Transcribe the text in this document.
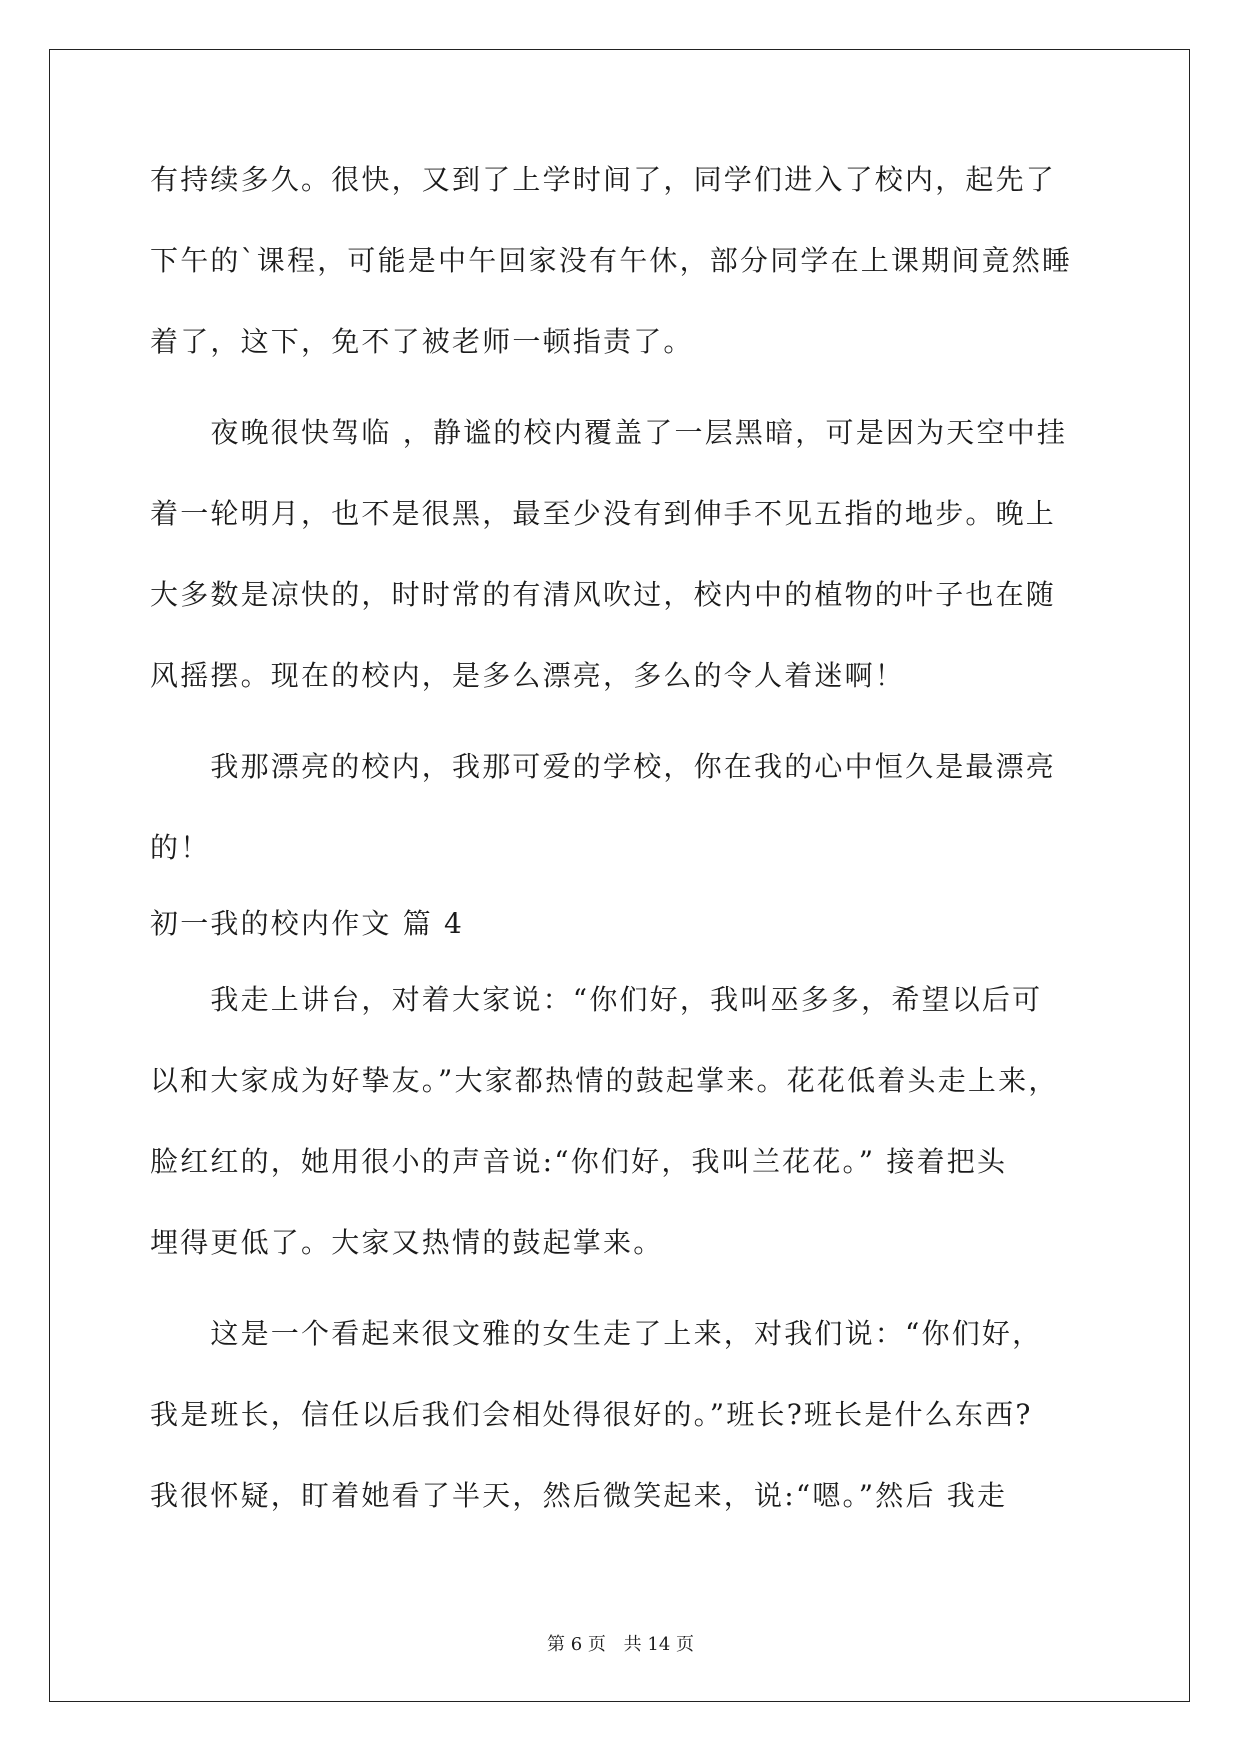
有持续多久。很快，又到了上学时间了，同学们进入了校内，起先了
下午的`课程，可能是中午回家没有午休，部分同学在上课期间竟然睡
着了，这下，免不了被老师一顿指责了。
　　夜晚很快驾临 ，静谧的校内覆盖了一层黑暗，可是因为天空中挂
着一轮明月，也不是很黑，最至少没有到伸手不见五指的地步。晚上
大多数是凉快的，时时常的有清风吹过，校内中的植物的叶子也在随
风摇摆。现在的校内，是多么漂亮，多么的令人着迷啊！
　　我那漂亮的校内，我那可爱的学校，你在我的心中恒久是最漂亮
的！
初一我的校内作文 篇 4
　　我走上讲台，对着大家说：“你们好，我叫巫多多，希望以后可
以和大家成为好挚友。”大家都热情的鼓起掌来。花花低着头走上来，
脸红红的，她用很小的声音说:“你们好，我叫兰花花。” 接着把头
埋得更低了。大家又热情的鼓起掌来。
　　这是一个看起来很文雅的女生走了上来，对我们说：“你们好，
我是班长，信任以后我们会相处得很好的。”班长?班长是什么东西?
我很怀疑，盯着她看了半天，然后微笑起来，说:“嗯。”然后 我走
第 6 页 共 14 页
